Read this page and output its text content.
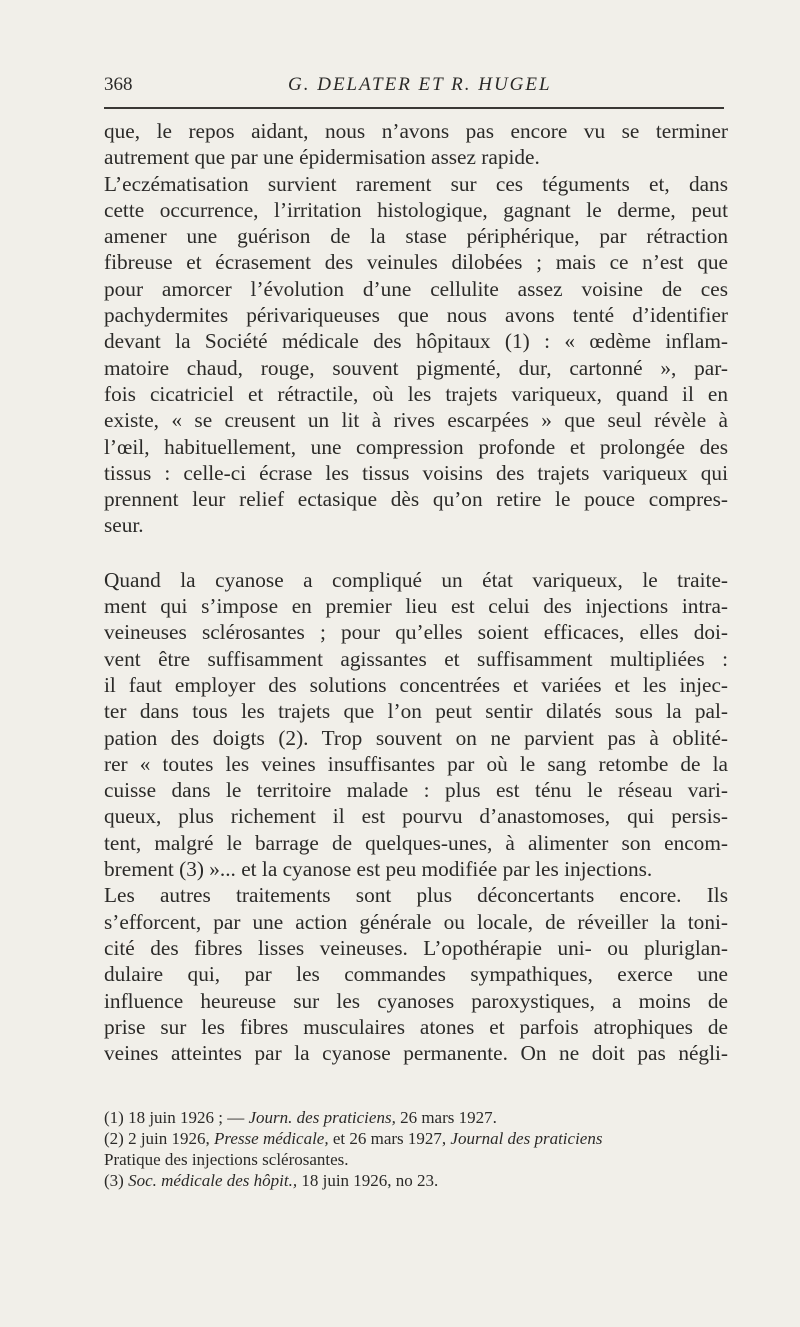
368	G. DELATER ET R. HUGEL
que, le repos aidant, nous n’avons pas encore vu se terminer
autrement que par une épidermisation assez rapide.
L’eczématisation survient rarement sur ces téguments et, dans
cette occurrence, l’irritation histologique, gagnant le derme, peut
amener une guérison de la stase périphérique, par rétraction
fibreuse et écrasement des veinules dilobées ; mais ce n’est que
pour amorcer l’évolution d’une cellulite assez voisine de ces
pachydermites périvariqueuses que nous avons tenté d’identifier
devant la Société médicale des hôpitaux (1) : « œdème inflam-
matoire chaud, rouge, souvent pigmenté, dur, cartonné », par-
fois cicatriciel et rétractile, où les trajets variqueux, quand il en
existe, « se creusent un lit à rives escarpées » que seul révèle à
l’œil, habituellement, une compression profonde et prolongée des
tissus : celle-ci écrase les tissus voisins des trajets variqueux qui
prennent leur relief ectasique dès qu’on retire le pouce compres-
seur.
Quand la cyanose a compliqué un état variqueux, le traite-
ment qui s’impose en premier lieu est celui des injections intra-
veineuses sclérosantes ; pour qu’elles soient efficaces, elles doi-
vent être suffisamment agissantes et suffisamment multipliées :
il faut employer des solutions concentrées et variées et les injec-
ter dans tous les trajets que l’on peut sentir dilatés sous la pal-
pation des doigts (2). Trop souvent on ne parvient pas à oblité-
rer « toutes les veines insuffisantes par où le sang retombe de la
cuisse dans le territoire malade : plus est ténu le réseau vari-
queux, plus richement il est pourvu d’anastomoses, qui persis-
tent, malgré le barrage de quelques-unes, à alimenter son encom-
brement (3) »... et la cyanose est peu modifiée par les injections.
Les autres traitements sont plus déconcertants encore. Ils
s’efforcent, par une action générale ou locale, de réveiller la toni-
cité des fibres lisses veineuses. L’opothérapie uni- ou pluriglan-
dulaire qui, par les commandes sympathiques, exerce une
influence heureuse sur les cyanoses paroxystiques, a moins de
prise sur les fibres musculaires atones et parfois atrophiques de
veines atteintes par la cyanose permanente. On ne doit pas négli-
(1) 18 juin 1926 ; — Journ. des praticiens, 26 mars 1927.
(2) 2 juin 1926, Presse médicale, et 26 mars 1927, Journal des praticiens
Pratique des injections sclérosantes.
(3) Soc. médicale des hôpit., 18 juin 1926, no 23.
